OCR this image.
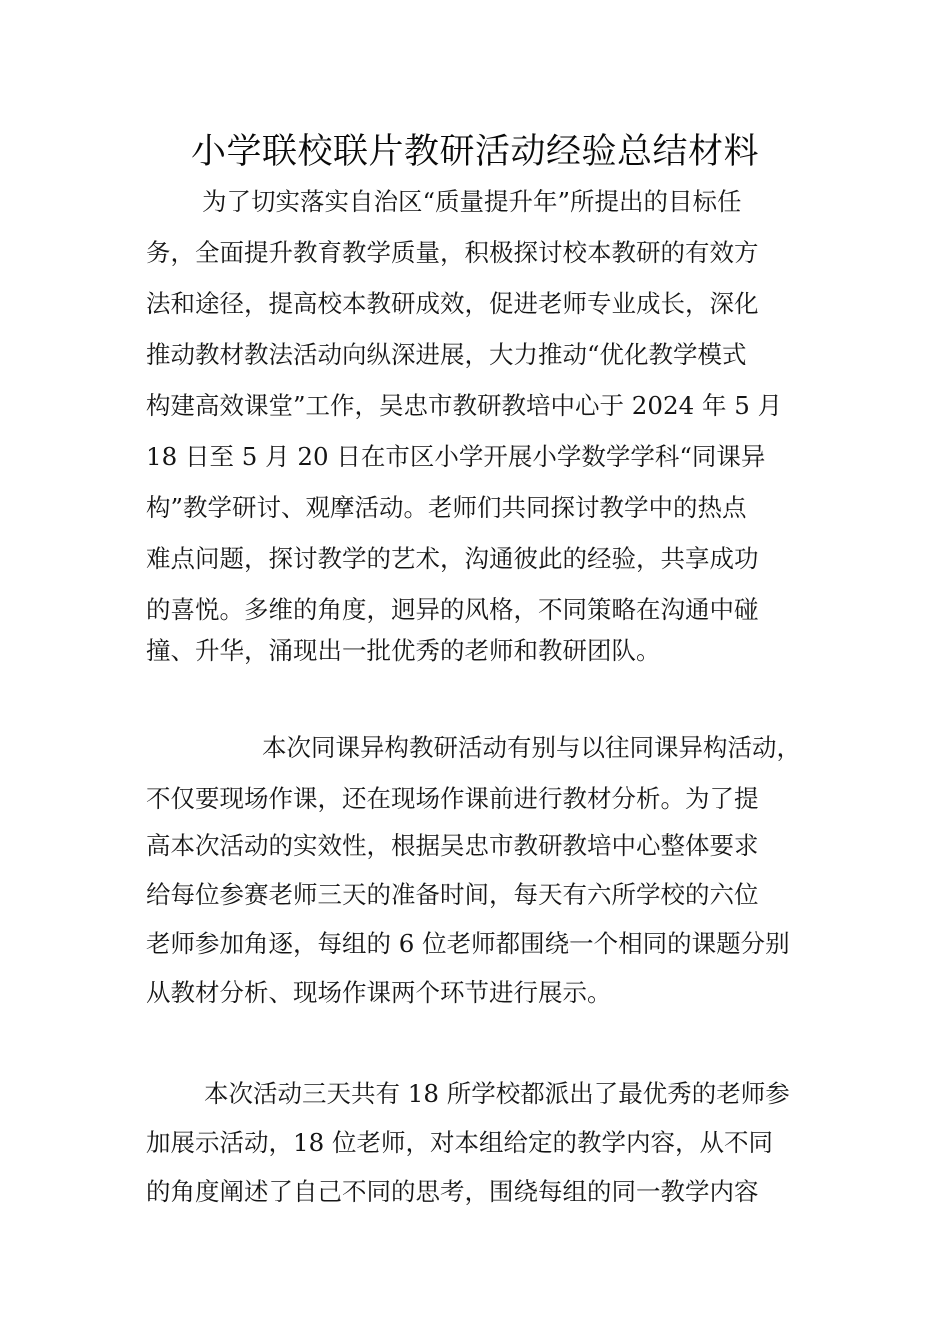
小学联校联片教研活动经验总结材料
为了切实落实自治区“质量提升年”所提出的目标任
务，全面提升教育教学质量，积极探讨校本教研的有效方
法和途径，提高校本教研成效，促进老师专业成长，深化
推动教材教法活动向纵深进展，大力推动“优化教学模式
构建高效课堂”工作，吴忠市教研教培中心于 2024 年 5 月
18 日至 5 月 20 日在市区小学开展小学数学学科“同课异
构”教学研讨、观摩活动。老师们共同探讨教学中的热点
难点问题，探讨教学的艺术，沟通彼此的经验，共享成功
的喜悦。多维的角度，迥异的风格，不同策略在沟通中碰
撞、升华，涌现出一批优秀的老师和教研团队。
本次同课异构教研活动有别与以往同课异构活动，
不仅要现场作课，还在现场作课前进行教材分析。为了提
高本次活动的实效性，根据吴忠市教研教培中心整体要求
给每位参赛老师三天的准备时间，每天有六所学校的六位
老师参加角逐，每组的 6 位老师都围绕一个相同的课题分别
从教材分析、现场作课两个环节进行展示。
本次活动三天共有 18 所学校都派出了最优秀的老师参
加展示活动，18 位老师，对本组给定的教学内容，从不同
的角度阐述了自己不同的思考，围绕每组的同一教学内容
